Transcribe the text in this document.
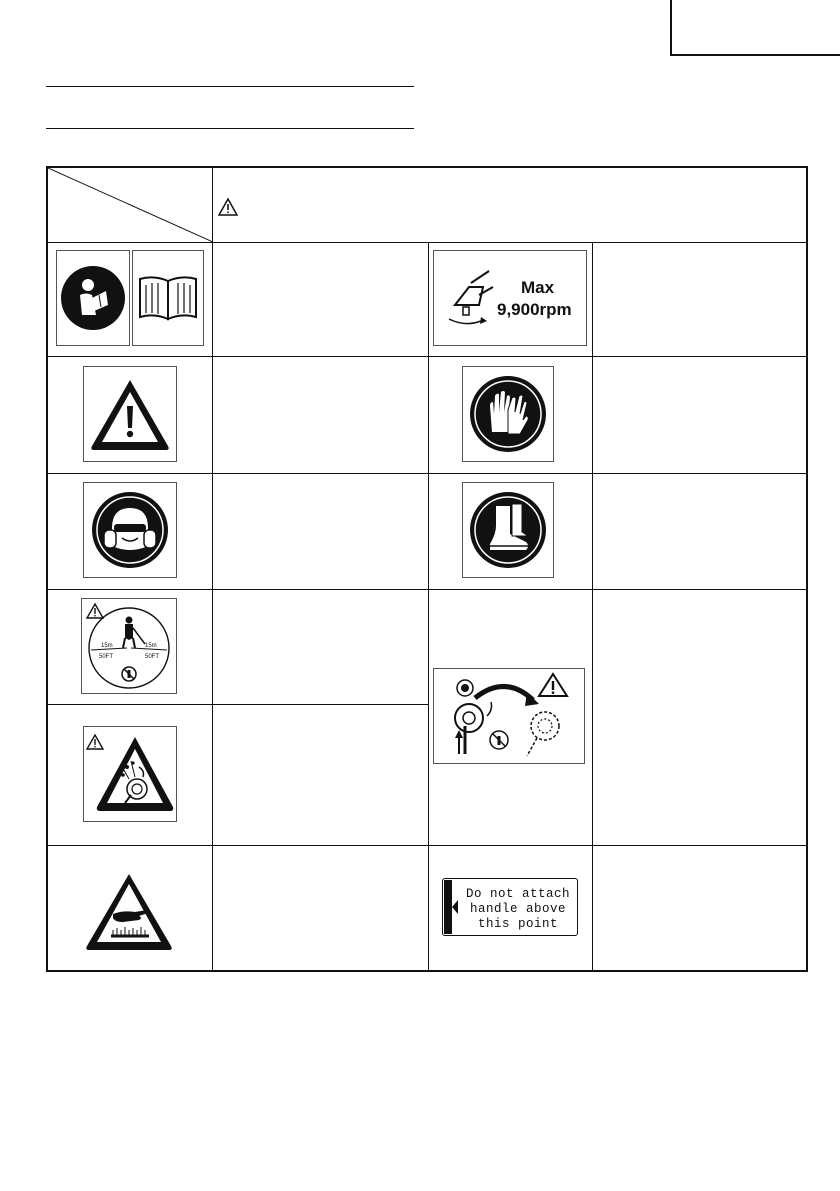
Max
9,900rpm
15m
50FT
15m
50FT
Do not attach
handle above
this point
